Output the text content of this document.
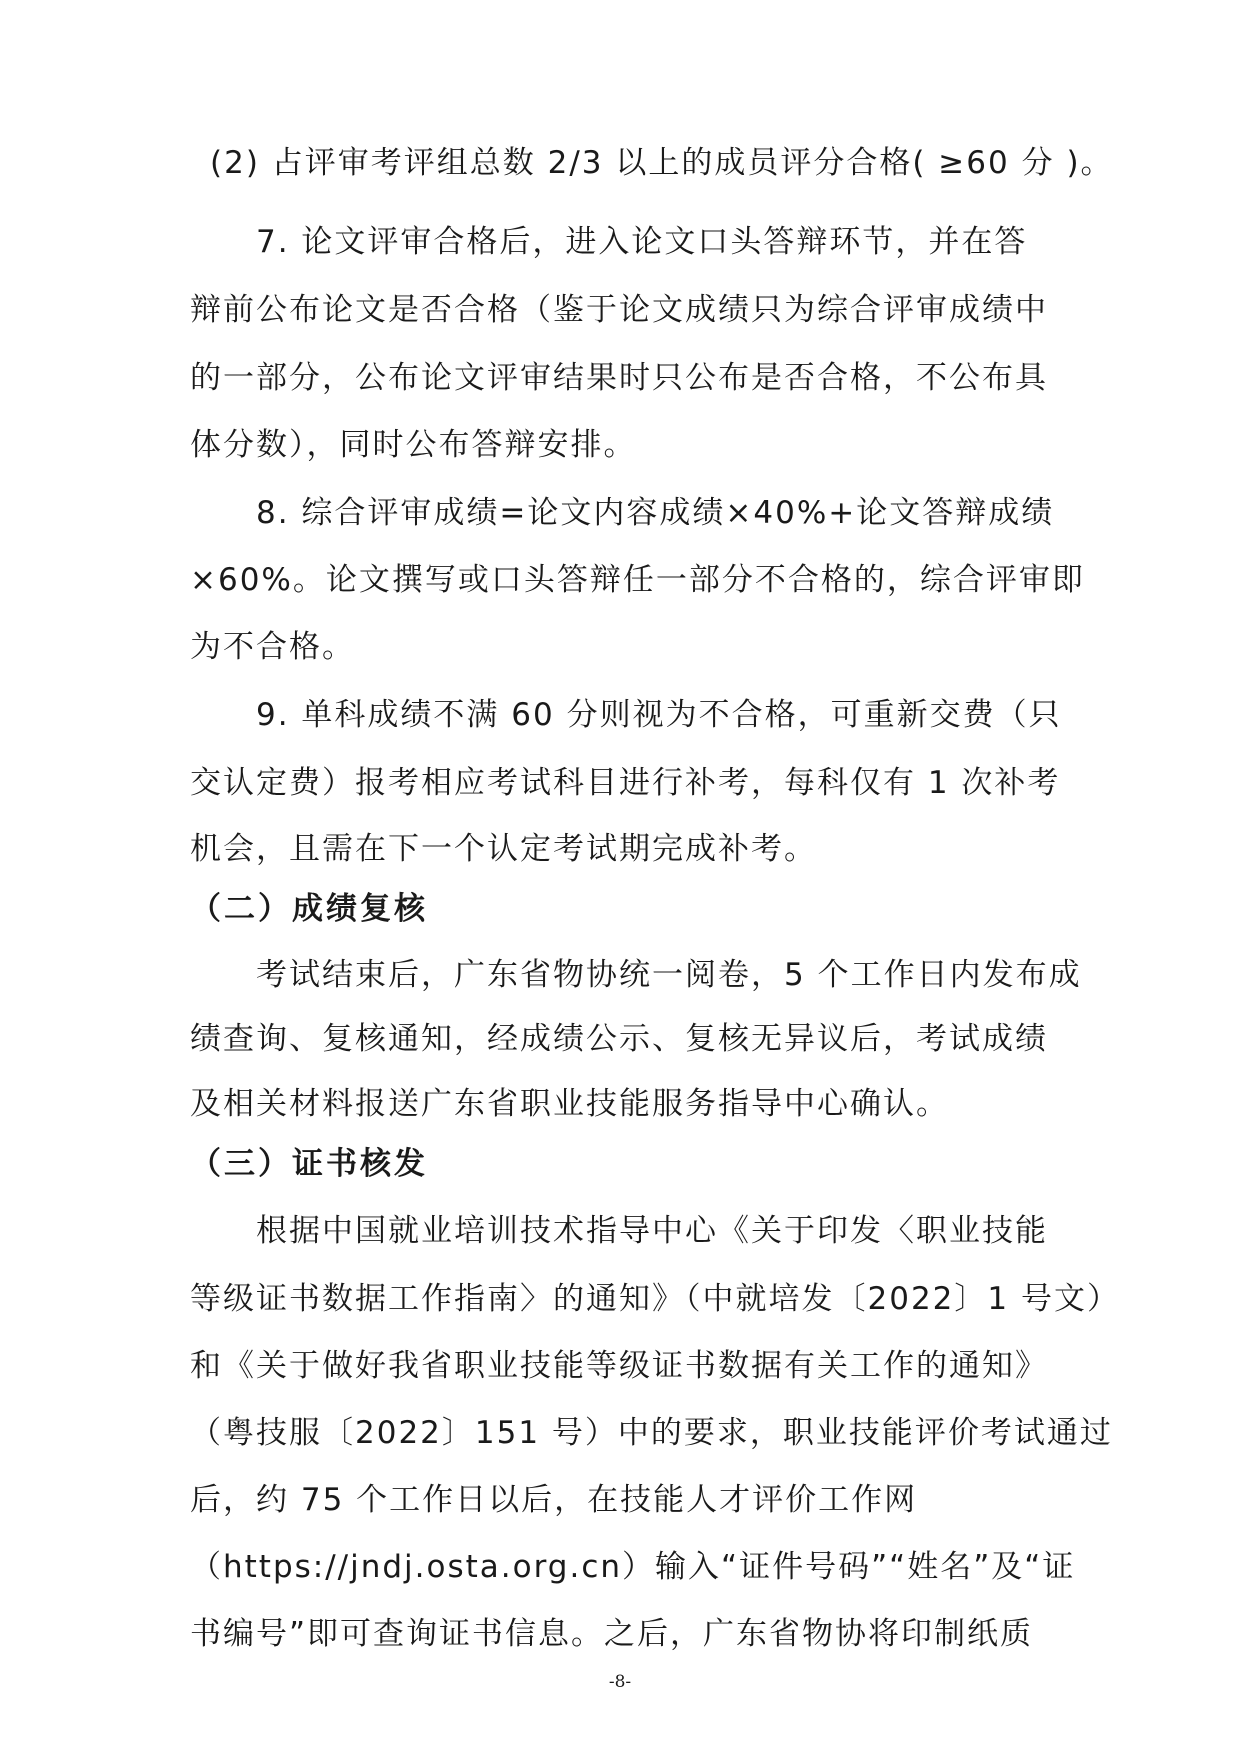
(2) 占评审考评组总数 2/3 以上的成员评分合格( ≥60 分 )。
7. 论文评审合格后，进入论文口头答辩环节，并在答
辩前公布论文是否合格（鉴于论文成绩只为综合评审成绩中
的一部分，公布论文评审结果时只公布是否合格，不公布具
体分数），同时公布答辩安排。
8. 综合评审成绩=论文内容成绩×40%+论文答辩成绩
×60%。论文撰写或口头答辩任一部分不合格的，综合评审即
为不合格。
9. 单科成绩不满 60 分则视为不合格，可重新交费（只
交认定费）报考相应考试科目进行补考，每科仅有 1 次补考
机会，且需在下一个认定考试期完成补考。
（二）成绩复核
考试结束后，广东省物协统一阅卷，5 个工作日内发布成
绩查询、复核通知，经成绩公示、复核无异议后，考试成绩
及相关材料报送广东省职业技能服务指导中心确认。
（三）证书核发
根据中国就业培训技术指导中心《关于印发〈职业技能
等级证书数据工作指南〉的通知》（中就培发〔2022〕1 号文）
和《关于做好我省职业技能等级证书数据有关工作的通知》
（粤技服〔2022〕151 号）中的要求，职业技能评价考试通过
后，约 75 个工作日以后，在技能人才评价工作网
（https://jndj.osta.org.cn）输入“证件号码”“姓名”及“证
书编号”即可查询证书信息。之后，广东省物协将印制纸质
-8-
